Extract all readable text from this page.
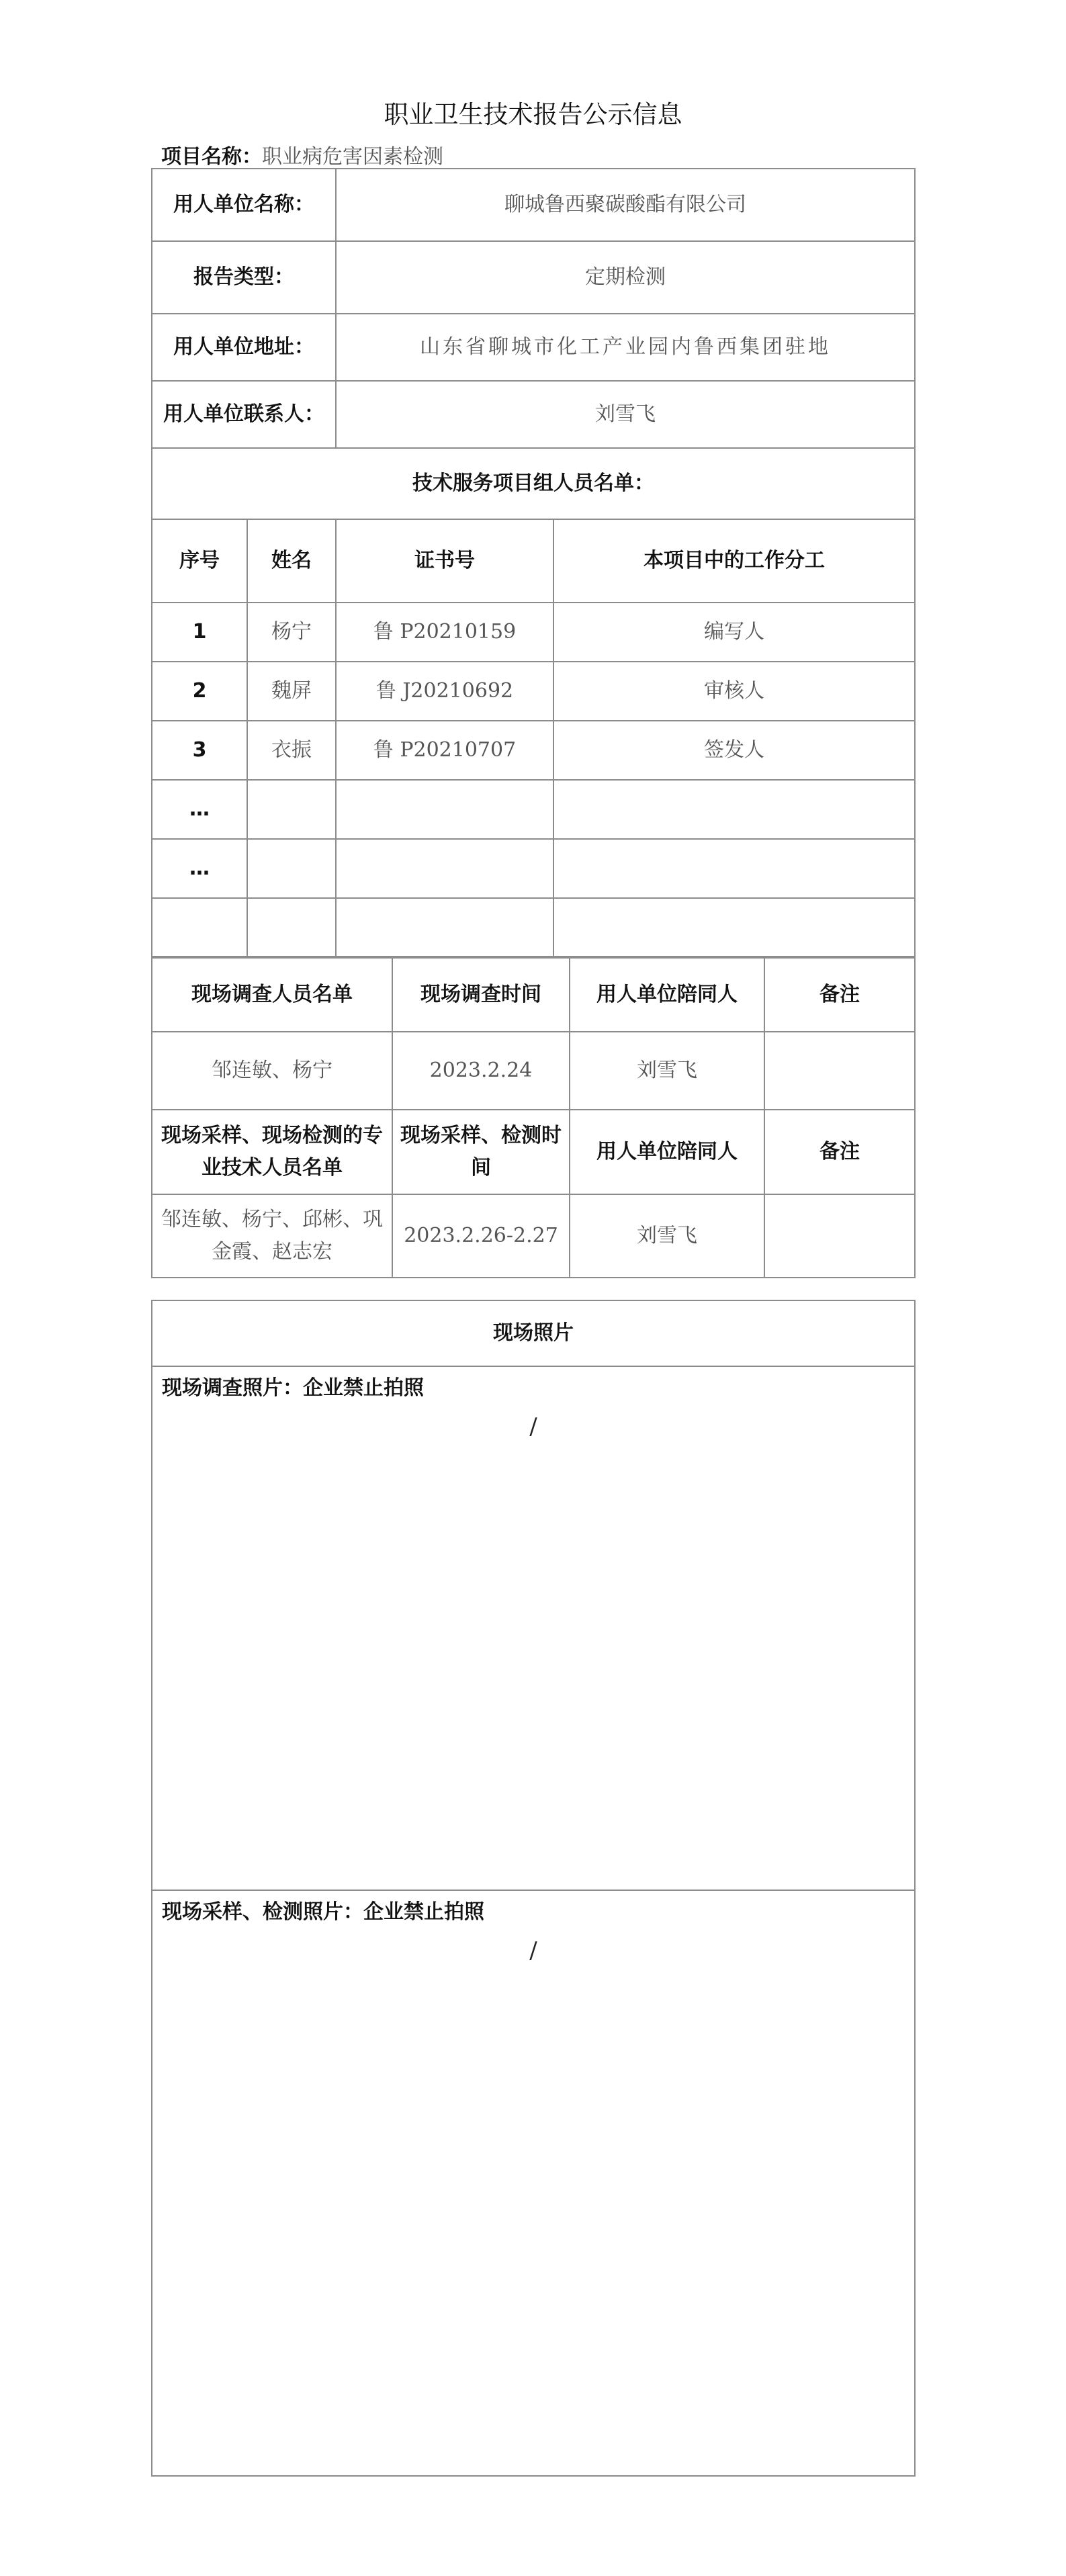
职业卫生技术报告公示信息
项目名称：职业病危害因素检测
用人单位名称：		聊城鲁西聚碳酸酯有限公司	
报告类型：		定期检测	
用人单位地址：		山东省聊城市化工产业园内鲁西集团驻地	
用人单位联系人：		刘雪飞	
技术服务项目组人员名单：			
序号	姓名	证书号	本项目中的工作分工
1	杨宁	鲁 P20210159	编写人
2	魏屏	鲁 J20210692	审核人
3	衣振	鲁 P20210707	签发人
…			
…			

现场调查人员名单	现场调查时间	用人单位陪同人	备注
邹连敏、杨宁	2023.2.24	刘雪飞	
现场采样、现场检测的专业技术人员名单	现场采样、检测时间	用人单位陪同人	备注
邹连敏、杨宁、邱彬、巩金霞、赵志宏	2023.2.26-2.27	刘雪飞	
现场照片

现场调查照片：企业禁止拍照
/

现场采样、检测照片：企业禁止拍照
/
